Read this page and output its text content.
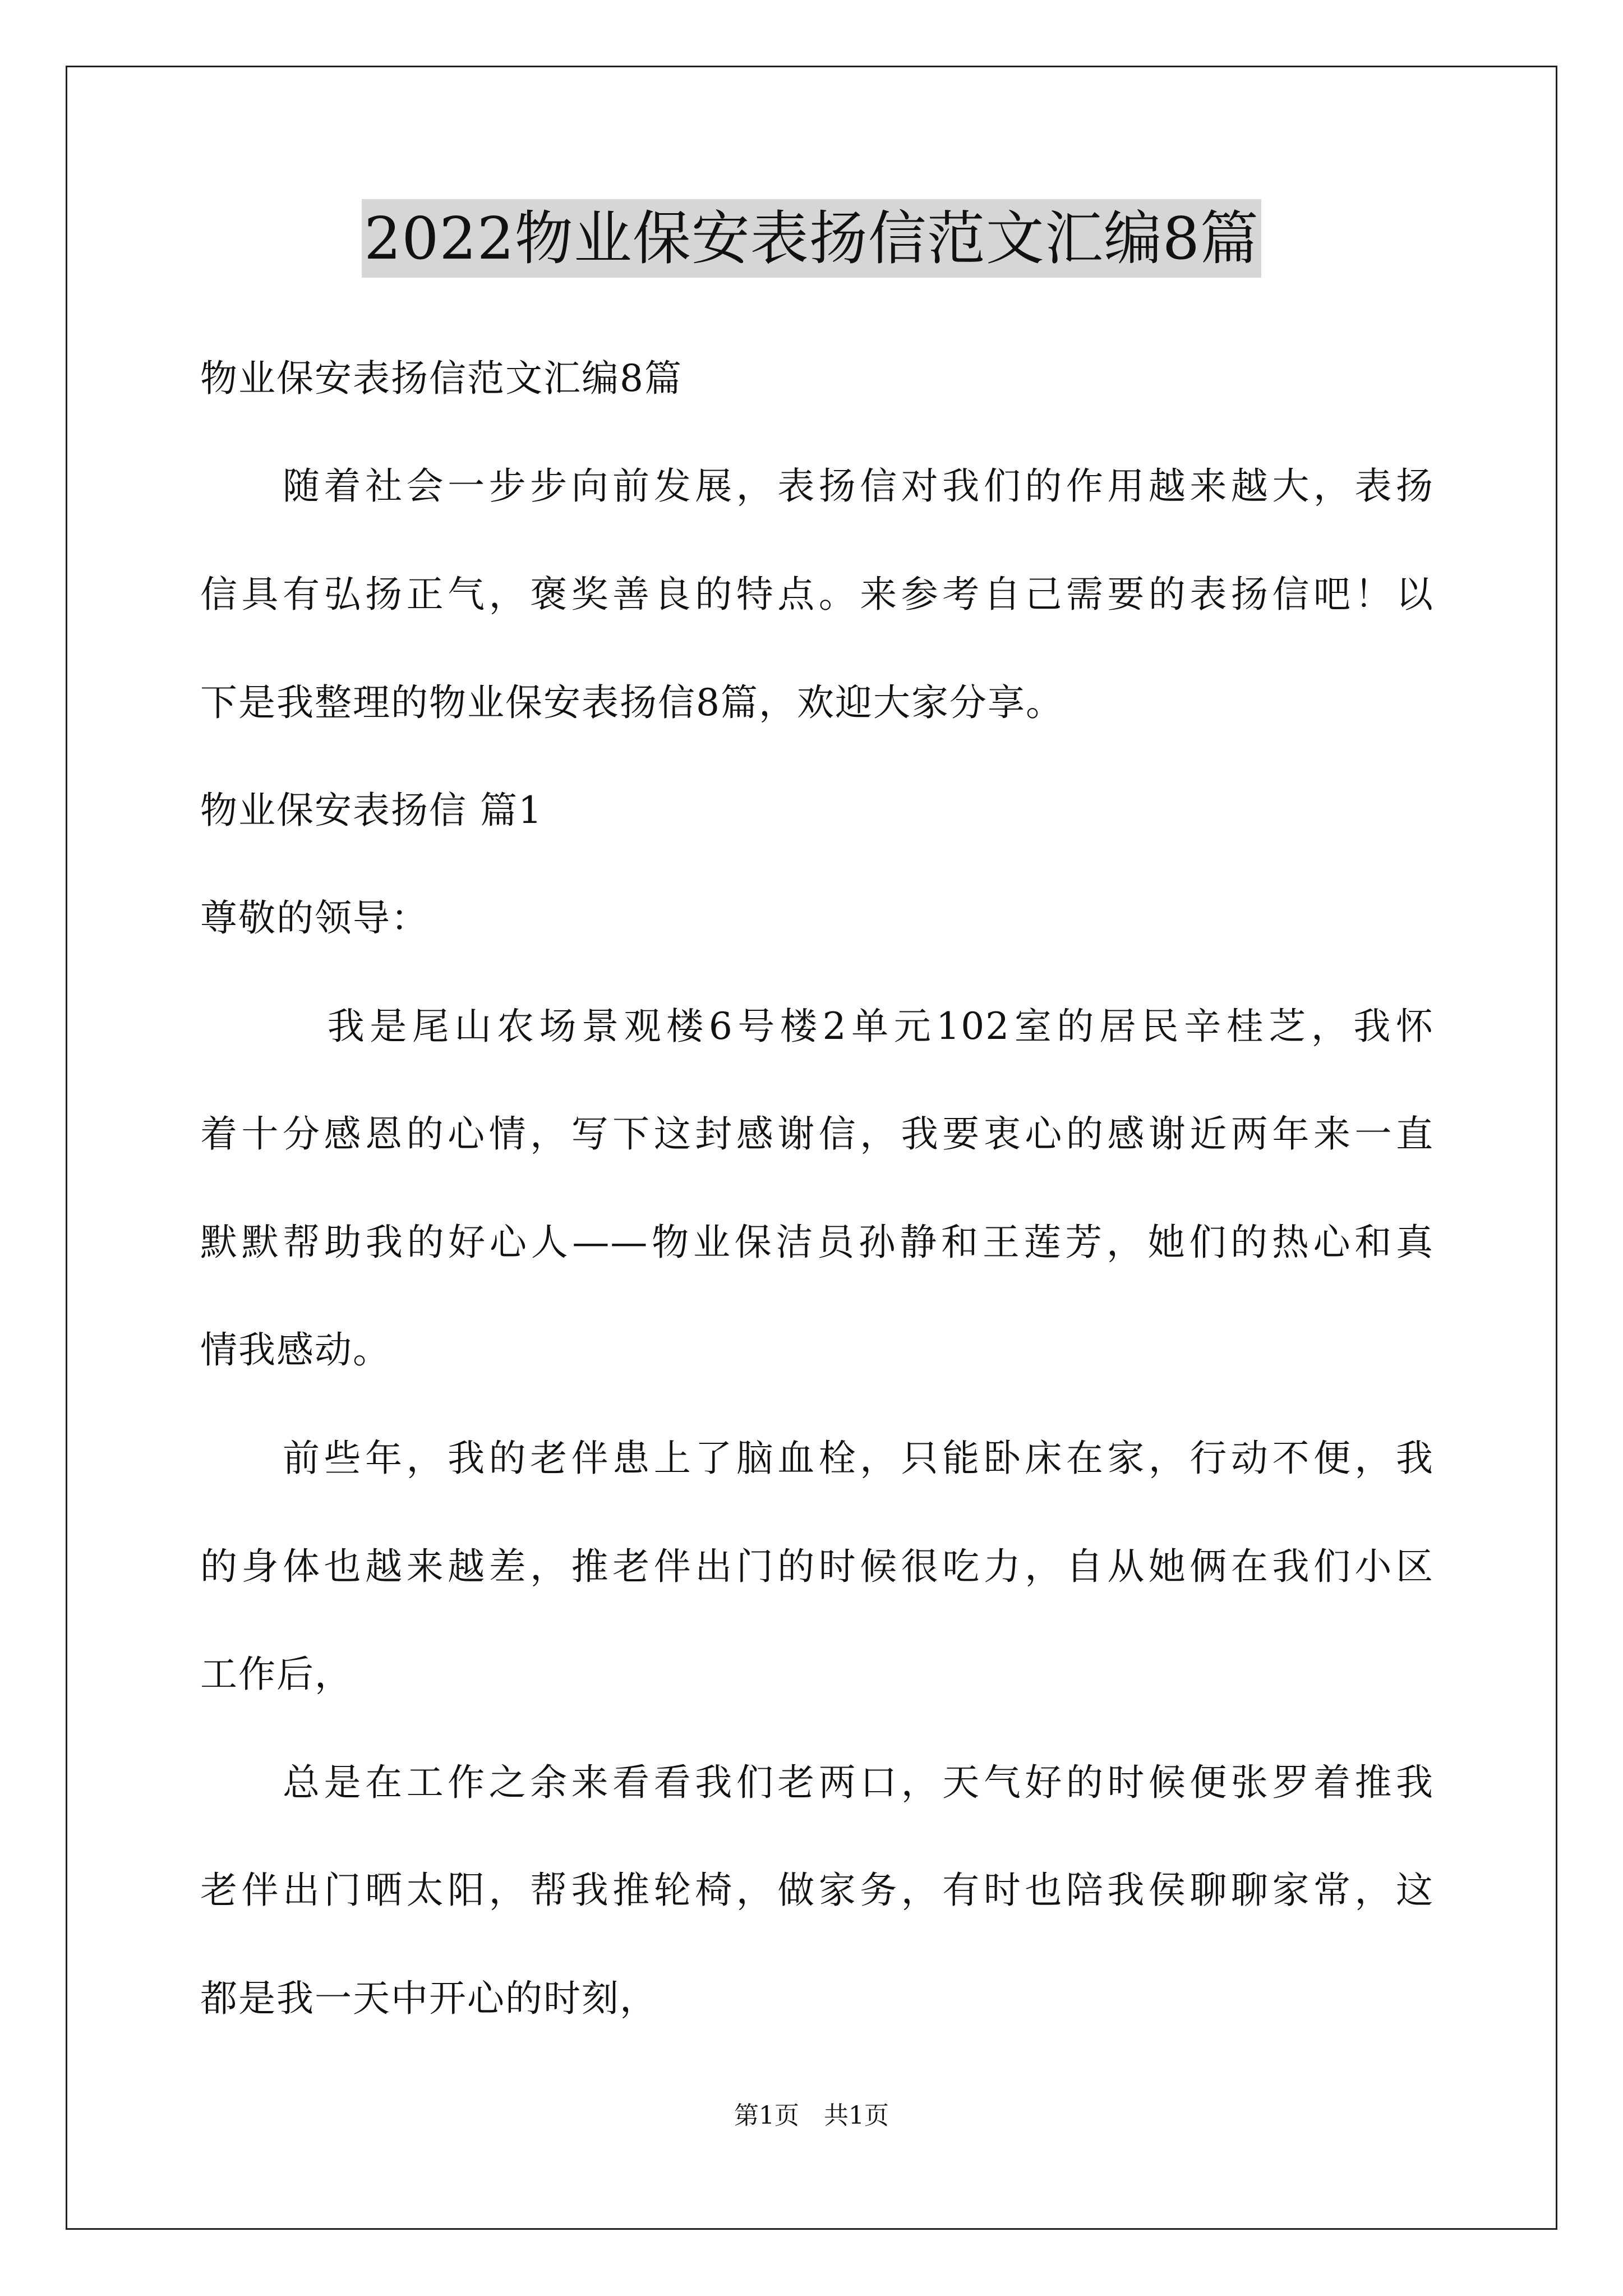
2022物业保安表扬信范文汇编8篇
物业保安表扬信范文汇编8篇
　　随着社会一步步向前发展，表扬信对我们的作用越来越大，表扬
信具有弘扬正气，褒奖善良的特点。来参考自己需要的表扬信吧！以
下是我整理的物业保安表扬信8篇，欢迎大家分享。
物业保安表扬信 篇1
尊敬的领导：
　　　我是尾山农场景观楼6号楼2单元102室的居民辛桂芝，我怀
着十分感恩的心情，写下这封感谢信，我要衷心的感谢近两年来一直
默默帮助我的好心人——物业保洁员孙静和王莲芳，她们的热心和真
情我感动。
　　前些年，我的老伴患上了脑血栓，只能卧床在家，行动不便，我
的身体也越来越差，推老伴出门的时候很吃力，自从她俩在我们小区
工作后，
　　总是在工作之余来看看我们老两口，天气好的时候便张罗着推我
老伴出门晒太阳，帮我推轮椅，做家务，有时也陪我侯聊聊家常，这
都是我一天中开心的时刻，
第1页　共1页
